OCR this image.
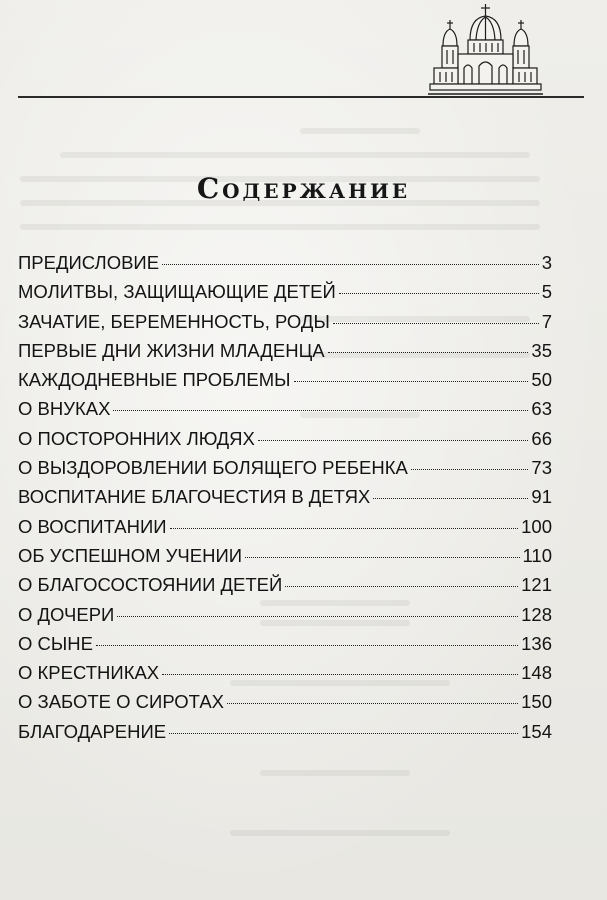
Содержание
ПРЕДИСЛОВИЕ	3
МОЛИТВЫ, ЗАЩИЩАЮЩИЕ ДЕТЕЙ	5
ЗАЧАТИЕ, БЕРЕМЕННОСТЬ, РОДЫ	7
ПЕРВЫЕ ДНИ ЖИЗНИ МЛАДЕНЦА	35
КАЖДОДНЕВНЫЕ ПРОБЛЕМЫ	50
О ВНУКАХ	63
О ПОСТОРОННИХ ЛЮДЯХ	66
О ВЫЗДОРОВЛЕНИИ БОЛЯЩЕГО РЕБЕНКА	73
ВОСПИТАНИЕ БЛАГОЧЕСТИЯ В ДЕТЯХ	91
О ВОСПИТАНИИ	100
ОБ УСПЕШНОМ УЧЕНИИ	110
О БЛАГОСОСТОЯНИИ ДЕТЕЙ	121
О ДОЧЕРИ	128
О СЫНЕ	136
О КРЕСТНИКАХ	148
О ЗАБОТЕ О СИРОТАХ	150
БЛАГОДАРЕНИЕ	154
